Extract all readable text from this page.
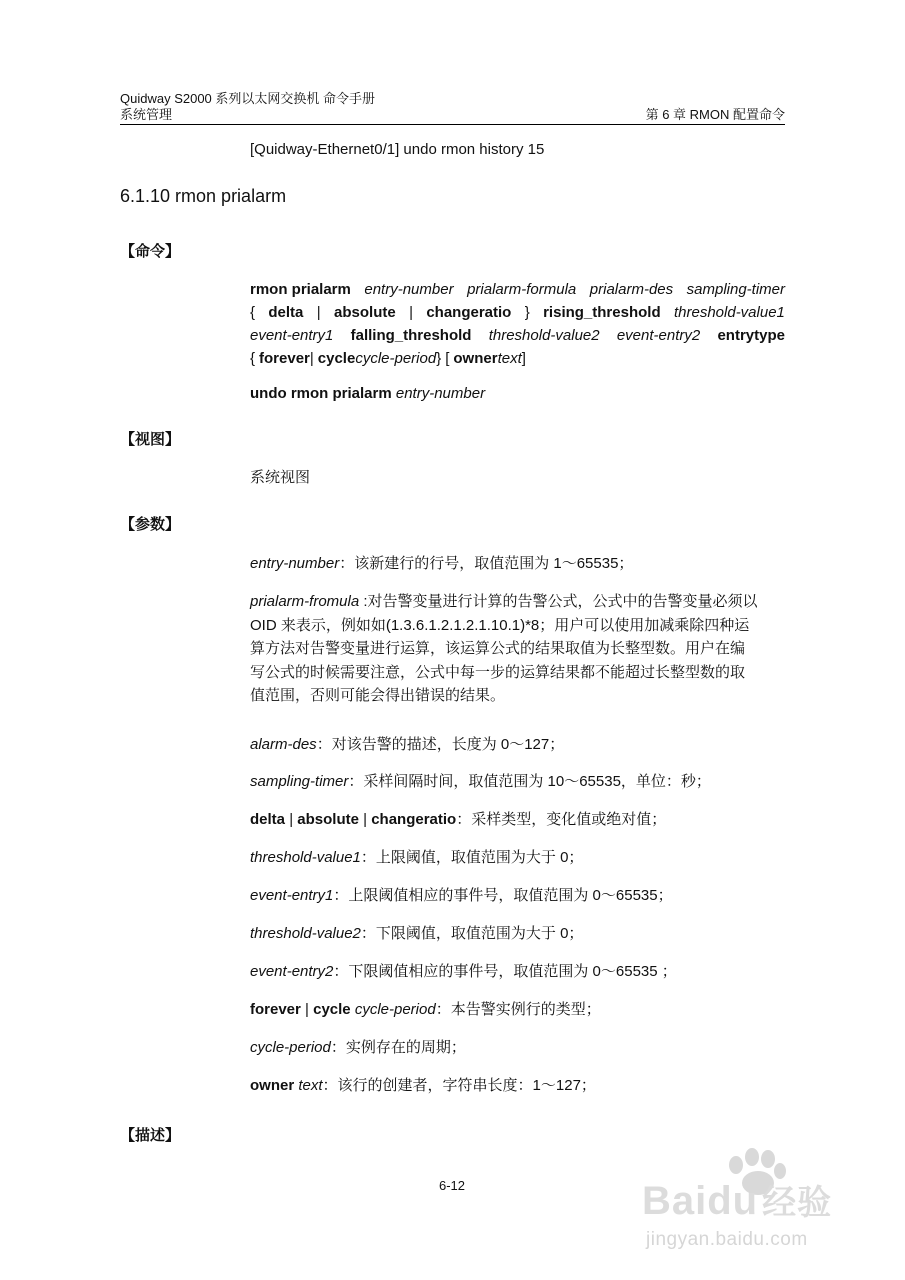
Quidway S2000 系列以太网交换机 命令手册
系统管理	第 6 章 RMON 配置命令
[Quidway-Ethernet0/1] undo rmon history 15
6.1.10 rmon prialarm
【命令】
rmon prialarm entry-number prialarm-formula prialarm-des sampling-timer
{ delta | absolute | changeratio } rising_threshold threshold-value1
event-entry1 falling_threshold threshold-value2 event-entry2 entrytype
{ forever | cycle cycle-period } [ owner text ]
undo rmon prialarm entry-number
【视图】
系统视图
【参数】
entry-number：该新建行的行号，取值范围为 1～65535；
prialarm-fromula :对告警变量进行计算的告警公式，公式中的告警变量必须以
OID 来表示，例如如(1.3.6.1.2.1.2.1.10.1)*8；用户可以使用加减乘除四种运
算方法对告警变量进行运算，该运算公式的结果取值为长整型数。用户在编
写公式的时候需要注意，公式中每一步的运算结果都不能超过长整型数的取
值范围，否则可能会得出错误的结果。
alarm-des：对该告警的描述，长度为 0～127；
sampling-timer：采样间隔时间，取值范围为 10～65535，单位：秒；
delta | absolute | changeratio：采样类型，变化值或绝对值；
threshold-value1：上限阈值，取值范围为大于 0；
event-entry1：上限阈值相应的事件号，取值范围为 0～65535；
threshold-value2：下限阈值，取值范围为大于 0；
event-entry2：下限阈值相应的事件号，取值范围为 0～65535 ；
forever | cycle cycle-period：本告警实例行的类型；
cycle-period：实例存在的周期；
owner text：该行的创建者，字符串长度：1～127；
【描述】
6-12	Baidu 经验
jingyan.baidu.com
